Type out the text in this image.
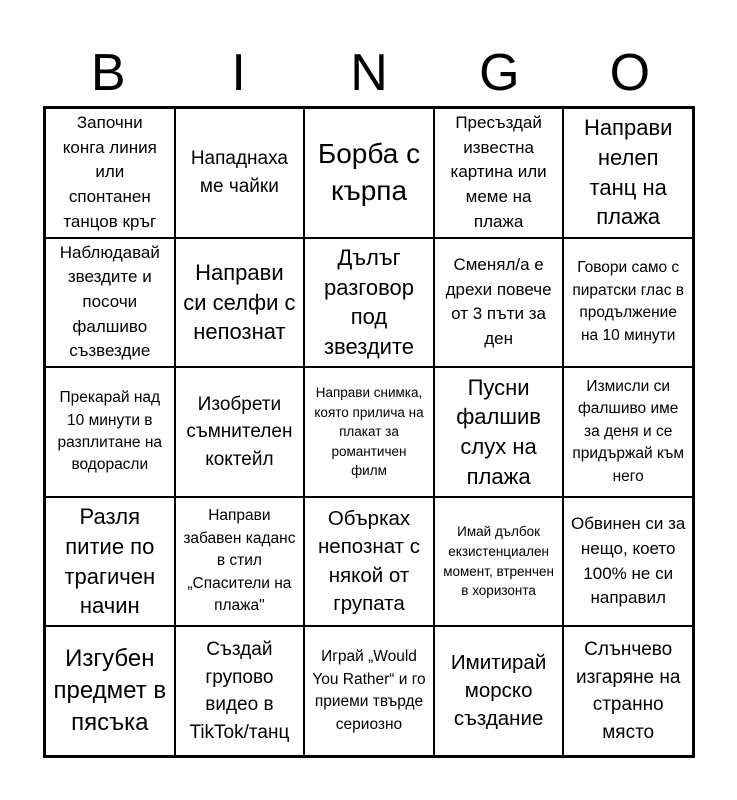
B	I	N	G	O
Започни конга линия или спонтанен танцов кръг
Нападнаха ме чайки
Борба с кърпа
Пресъздай известна картина или меме на плажа
Направи нелеп танц на плажа
Наблюдавай звездите и посочи фалшиво съзвездие
Направи си селфи с непознат
Дълъг разговор под звездите
Сменял/а е дрехи повече от 3 пъти за ден
Говори само с пиратски глас в продължение на 10 минути
Прекарай над 10 минути в разплитане на водорасли
Изобрети съмнителен коктейл
Направи снимка, която прилича на плакат за романтичен филм
Пусни фалшив слух на плажа
Измисли си фалшиво име за деня и се придържай към него
Разля питие по трагичен начин
Направи забавен каданс в стил „Спасители на плажа"
Обърках непознат с някой от групата
Имай дълбок екзистенциален момент, втренчен в хоризонта
Обвинен си за нещо, което 100% не си направил
Изгубен предмет в пясъка
Създай групово видео в TikTok/танц
Играй „Would You Rather“ и го приеми твърде сериозно
Имитирай морско създание
Слънчево изгаряне на странно място
